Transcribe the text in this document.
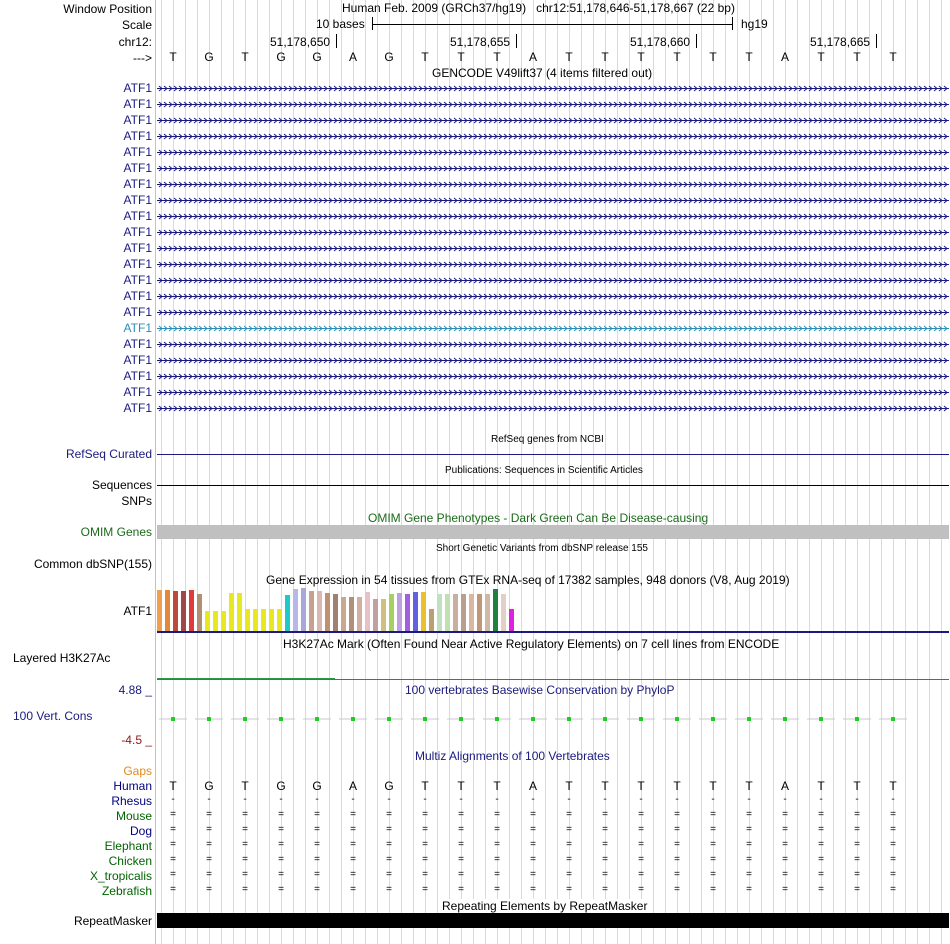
Window Position
Scale
chr12:
--->
Human Feb. 2009 (GRCh37/hg19) chr12:51,178,646-51,178,667 (22 bp)
10 bases	hg19
51,178,650	51,178,655	51,178,660	51,178,665
T G T G G A G T T T A T T T T T T A T T T
GENCODE V49lift37 (4 items filtered out)
ATF1
ATF1
ATF1
ATF1
ATF1
ATF1
ATF1
ATF1
ATF1
ATF1
ATF1
ATF1
ATF1
ATF1
ATF1
ATF1
ATF1
ATF1
ATF1
ATF1
ATF1
RefSeq genes from NCBI
RefSeq Curated
Publications: Sequences in Scientific Articles
Sequences
SNPs
OMIM Gene Phenotypes - Dark Green Can Be Disease-causing
OMIM Genes
Short Genetic Variants from dbSNP release 155
Common dbSNP(155)
Gene Expression in 54 tissues from GTEx RNA-seq of 17382 samples, 948 donors (V8, Aug 2019)
ATF1
H3K27Ac Mark (Often Found Near Active Regulatory Elements) on 7 cell lines from ENCODE
Layered H3K27Ac
100 vertebrates Basewise Conservation by PhyloP
4.88 _
100 Vert. Cons
-4.5 _
Multiz Alignments of 100 Vertebrates
Gaps
Human T G T G G A G T T T A T T T T T T A T T T
Rhesus -	-	-	-	-	-	-	-	-	-	-	-	-	-	-	-	-	-	-	-	-
Mouse =	=	=	=	=	=	=	=	=	=	=	=	=	=	=	=	=	=	=	=	=
Dog =	=	=	=	=	=	=	=	=	=	=	=	=	=	=	=	=	=	=	=	=
Elephant =	=	=	=	=	=	=	=	=	=	=	=	=	=	=	=	=	=	=	=	=
Chicken =	=	=	=	=	=	=	=	=	=	=	=	=	=	=	=	=	=	=	=	=
X_tropicalis =	=	=	=	=	=	=	=	=	=	=	=	=	=	=	=	=	=	=	=	=
Zebrafish =	=	=	=	=	=	=	=	=	=	=	=	=	=	=	=	=	=	=	=	=
Repeating Elements by RepeatMasker
RepeatMasker
